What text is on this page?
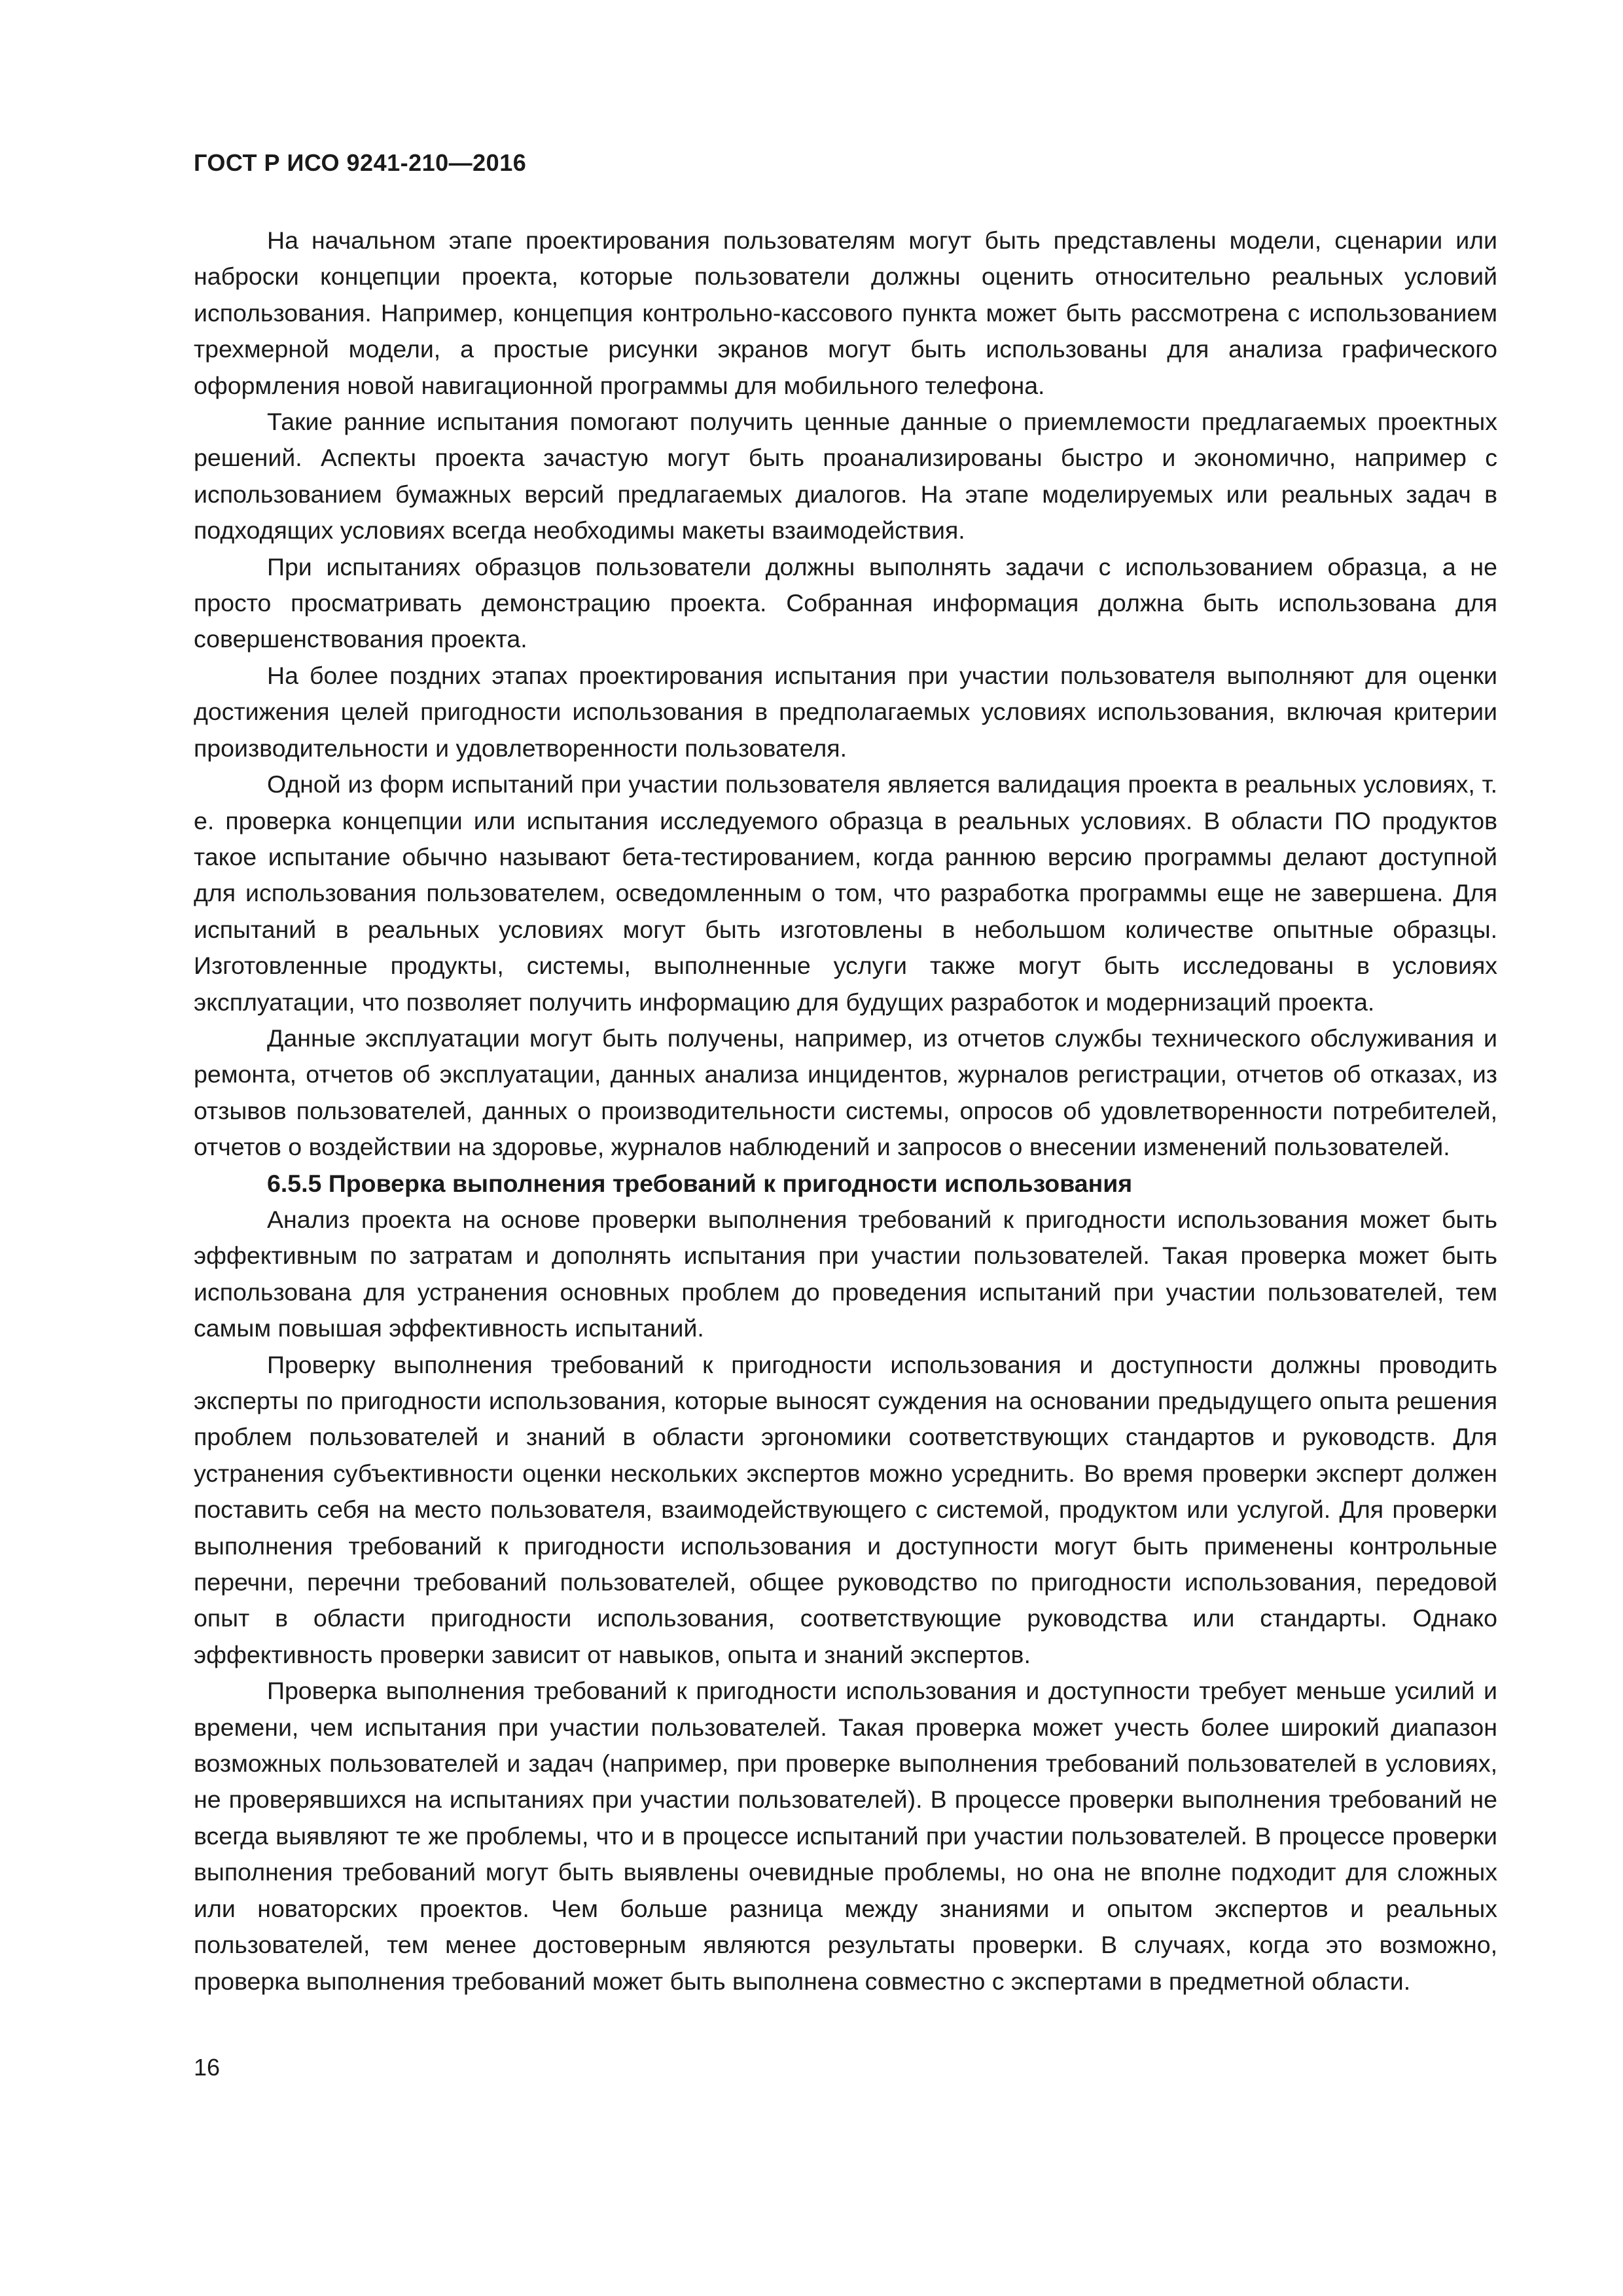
ГОСТ Р ИСО 9241-210—2016

На начальном этапе проектирования пользователям могут быть представлены модели, сценарии или наброски концепции проекта, которые пользователи должны оценить относительно реальных условий использования. Например, концепция контрольно-кассового пункта может быть рассмотрена с использованием трехмерной модели, а простые рисунки экранов могут быть использованы для анализа графического оформления новой навигационной программы для мобильного телефона.

Такие ранние испытания помогают получить ценные данные о приемлемости предлагаемых проектных решений. Аспекты проекта зачастую могут быть проанализированы быстро и экономично, например с использованием бумажных версий предлагаемых диалогов. На этапе моделируемых или реальных задач в подходящих условиях всегда необходимы макеты взаимодействия.

При испытаниях образцов пользователи должны выполнять задачи с использованием образца, а не просто просматривать демонстрацию проекта. Собранная информация должна быть использована для совершенствования проекта.

На более поздних этапах проектирования испытания при участии пользователя выполняют для оценки достижения целей пригодности использования в предполагаемых условиях использования, включая критерии производительности и удовлетворенности пользователя.

Одной из форм испытаний при участии пользователя является валидация проекта в реальных условиях, т. е. проверка концепции или испытания исследуемого образца в реальных условиях. В области ПО продуктов такое испытание обычно называют бета-тестированием, когда раннюю версию программы делают доступной для использования пользователем, осведомленным о том, что разработка программы еще не завершена. Для испытаний в реальных условиях могут быть изготовлены в небольшом количестве опытные образцы. Изготовленные продукты, системы, выполненные услуги также могут быть исследованы в условиях эксплуатации, что позволяет получить информацию для будущих разработок и модернизаций проекта.

Данные эксплуатации могут быть получены, например, из отчетов службы технического обслуживания и ремонта, отчетов об эксплуатации, данных анализа инцидентов, журналов регистрации, отчетов об отказах, из отзывов пользователей, данных о производительности системы, опросов об удовлетворенности потребителей, отчетов о воздействии на здоровье, журналов наблюдений и запросов о внесении изменений пользователей.

6.5.5 Проверка выполнения требований к пригодности использования

Анализ проекта на основе проверки выполнения требований к пригодности использования может быть эффективным по затратам и дополнять испытания при участии пользователей. Такая проверка может быть использована для устранения основных проблем до проведения испытаний при участии пользователей, тем самым повышая эффективность испытаний.

Проверку выполнения требований к пригодности использования и доступности должны проводить эксперты по пригодности использования, которые выносят суждения на основании предыдущего опыта решения проблем пользователей и знаний в области эргономики соответствующих стандартов и руководств. Для устранения субъективности оценки нескольких экспертов можно усреднить. Во время проверки эксперт должен поставить себя на место пользователя, взаимодействующего с системой, продуктом или услугой. Для проверки выполнения требований к пригодности использования и доступности могут быть применены контрольные перечни, перечни требований пользователей, общее руководство по пригодности использования, передовой опыт в области пригодности использования, соответствующие руководства или стандарты. Однако эффективность проверки зависит от навыков, опыта и знаний экспертов.

Проверка выполнения требований к пригодности использования и доступности требует меньше усилий и времени, чем испытания при участии пользователей. Такая проверка может учесть более широкий диапазон возможных пользователей и задач (например, при проверке выполнения требований пользователей в условиях, не проверявшихся на испытаниях при участии пользователей). В процессе проверки выполнения требований не всегда выявляют те же проблемы, что и в процессе испытаний при участии пользователей. В процессе проверки выполнения требований могут быть выявлены очевидные проблемы, но она не вполне подходит для сложных или новаторских проектов. Чем больше разница между знаниями и опытом экспертов и реальных пользователей, тем менее достоверным являются результаты проверки. В случаях, когда это возможно, проверка выполнения требований может быть выполнена совместно с экспертами в предметной области.

16
